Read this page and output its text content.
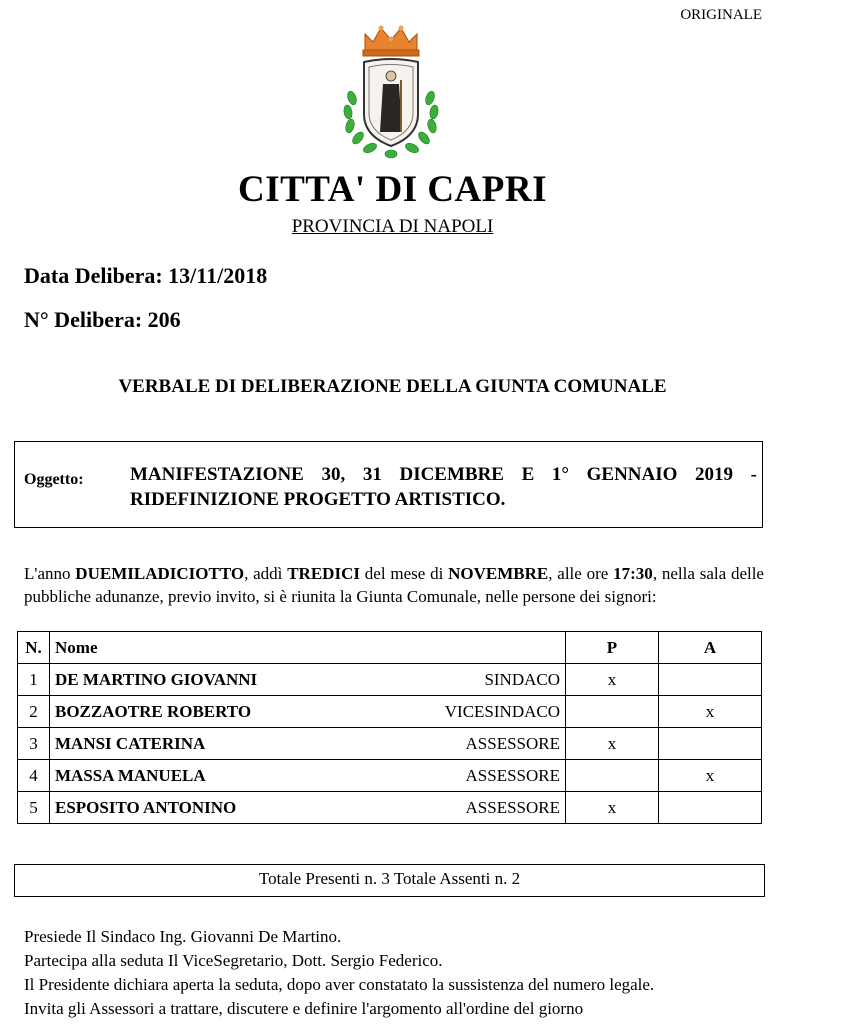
ORIGINALE
CITTA' DI CAPRI
PROVINCIA DI NAPOLI
Data Delibera: 13/11/2018
N° Delibera: 206
VERBALE DI DELIBERAZIONE DELLA GIUNTA COMUNALE
Oggetto: MANIFESTAZIONE 30, 31 DICEMBRE E 1° GENNAIO 2019 - RIDEFINIZIONE PROGETTO ARTISTICO.
L'anno DUEMILADICIOTTO, addì TREDICI del mese di NOVEMBRE, alle ore 17:30, nella sala delle pubbliche adunanze, previo invito, si è riunita la Giunta Comunale, nelle persone dei signori:
N.	Nome	P	A
1	DE MARTINO GIOVANNI SINDACO	x	
2	BOZZAOTRE ROBERTO VICESINDACO		x
3	MANSI CATERINA ASSESSORE	x	
4	MASSA MANUELA ASSESSORE		x
5	ESPOSITO ANTONINO ASSESSORE	x	
Totale Presenti n. 3 Totale Assenti n. 2
Presiede Il Sindaco Ing. Giovanni De Martino.
Partecipa alla seduta Il ViceSegretario, Dott. Sergio Federico.
Il Presidente dichiara aperta la seduta, dopo aver constatato la sussistenza del numero legale.
Invita gli Assessori a trattare, discutere e definire l'argomento all'ordine del giorno
